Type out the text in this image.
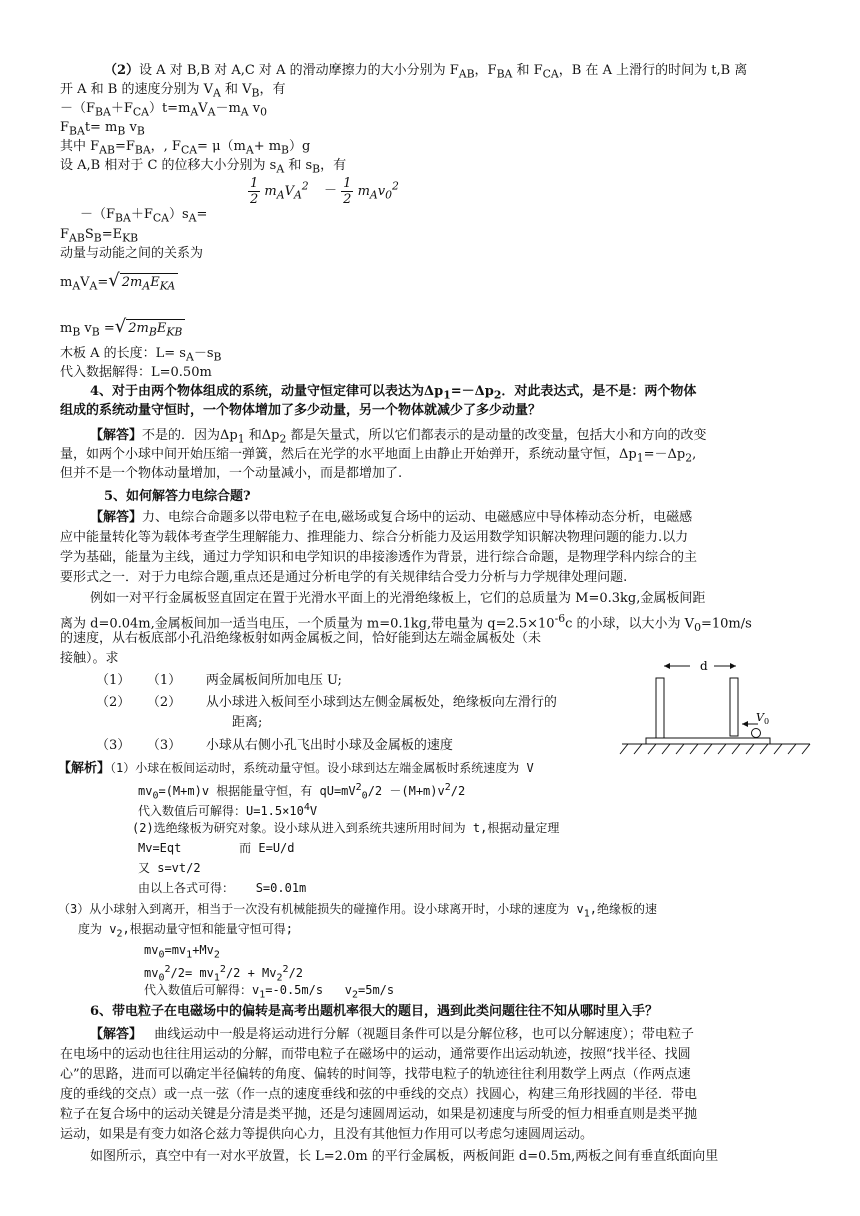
（2）设 A 对 B,B 对 A,C 对 A 的滑动摩擦力的大小分别为 $F_{AB}$，$F_{BA}$ 和 $F_{CA}$，B 在 A 上滑行的时间为 t,B 离
开 A 和 B 的速度分别为 $V_A$ 和 $V_B$，有
$-(F_{BA}+F_{CA})t=m_AV_A-m_A$ $v_0$
$F_{BA}t= m_B$ $v_B$
其中 $F_{AB}=F_{BA}$，, $F_{CA}= \mu(m_A+ m_B)g$
设 A,B 相对于 C 的位移大小分别为 $s_A$ 和 $s_B$，有
$\frac{1}{2} m_AV_A^2 - \frac{1}{2} m_Av_0^2$
$-(F_{BA}+F_{CA})s_A=$
$F_{AB}S_B=E_{KB}$
动量与动能之间的关系为
$m_AV_A=√$ $2m_AE_{KA}$
$m_B$ $v_B$ =√ $2m_BE_{KB}$
木板 A 的长度：$L= s_A-s_B$
代入数据解得：L=0.50m
4、对于由两个物体组成的系统，动量守恒定律可以表达为$\Delta p_1=-\Delta p_2$．对此表达式，是不是：两个物体
组成的系统动量守恒时，一个物体增加了多少动量，另一个物体就减少了多少动量？
【解答】不是的．因为$\Delta p_1$ 和$\Delta p_2$ 都是矢量式，所以它们都表示的是动量的改变量，包括大小和方向的改变
量，如两个小球中间开始压缩一弹簧，然后在光学的水平地面上由静止开始弹开，系统动量守恒，$\Delta p_1=-\Delta p_2$,
但并不是一个物体动量增加，一个动量减小，而是都增加了.
5、如何解答力电综合题?
【解答】力、电综合命题多以带电粒子在电,磁场或复合场中的运动、电磁感应中导体棒动态分析，电磁感
应中能量转化等为载体考查学生理解能力、推理能力、综合分析能力及运用数学知识解决物理问题的能力.以力
学为基础，能量为主线，通过力学知识和电学知识的串接渗透作为背景，进行综合命题，是物理学科内综合的主
要形式之一．对于力电综合题,重点还是通过分析电学的有关规律结合受力分析与力学规律处理问题.
例如一对平行金属板竖直固定在置于光滑水平面上的光滑绝缘板上，它们的总质量为 M=0.3kg,金属板间距
离为 d=0.04m,金属板间加一适当电压，一个质量为 m=0.1kg,带电量为 $q=2.5\times 10^{-6}c$ 的小球，以大小为 $V_0=10m/s$
的速度，从右板底部小孔沿绝缘板射如两金属板之间，恰好能到达左端金属板处（未
接触）。求
（1） （1） 两金属板间所加电压 U;
（2） （2） 从小球进入板间至小球到达左侧金属板处，绝缘板向左滑行的
距离;
（3） （3） 小球从右侧小孔飞出时小球及金属板的速度
d
V 0
【解析】（1）小球在板间运动时，系统动量守恒。设小球到达左端金属板时系统速度为 V
$mv_0=(M+m)v$ 根据能量守恒，有 $qU=mV^2_0/2 -(M+m)v^2/2$
代入数值后可解得：$U=1.5\times 10^4V$
(2)选绝缘板为研究对象。设小球从进入到系统共速所用时间为 t,根据动量定理
Mv=Eqt	而 E=U/d
又 s=vt/2
由以上各式可得： S=0.01m
（3）从小球射入到离开，相当于一次没有机械能损失的碰撞作用。设小球离开时，小球的速度为 $v_1$,绝缘板的速
度为 $v_2$,根据动量守恒和能量守恒可得;
$mv_0=mv_1+Mv_2$
$mv_0^2/2= mv_1^2/2 + Mv_2^2/2$
代入数值后可解得：$v_1=-0.5m/s$   $v_2=5m/s$
6、带电粒子在电磁场中的偏转是高考出题机率很大的题目，遇到此类问题往往不知从哪时里入手？
【解答】 曲线运动中一般是将运动进行分解（视题目条件可以是分解位移，也可以分解速度）；带电粒子
在电场中的运动也往往用运动的分解，而带电粒子在磁场中的运动，通常要作出运动轨迹，按照“找半径、找圆
心”的思路，进而可以确定半径偏转的角度、偏转的时间等，找带电粒子的轨迹往往利用数学上两点（作两点速
度的垂线的交点）或一点一弦（作一点的速度垂线和弦的中垂线的交点）找圆心，构建三角形找圆的半径．带电
粒子在复合场中的运动关键是分清是类平抛，还是匀速圆周运动，如果是初速度与所受的恒力相垂直则是类平抛
运动，如果是有变力如洛仑兹力等提供向心力，且没有其他恒力作用可以考虑匀速圆周运动。
如图所示，真空中有一对水平放置，长 L=2.0m 的平行金属板，两板间距 d=0.5m,两板之间有垂直纸面向里
